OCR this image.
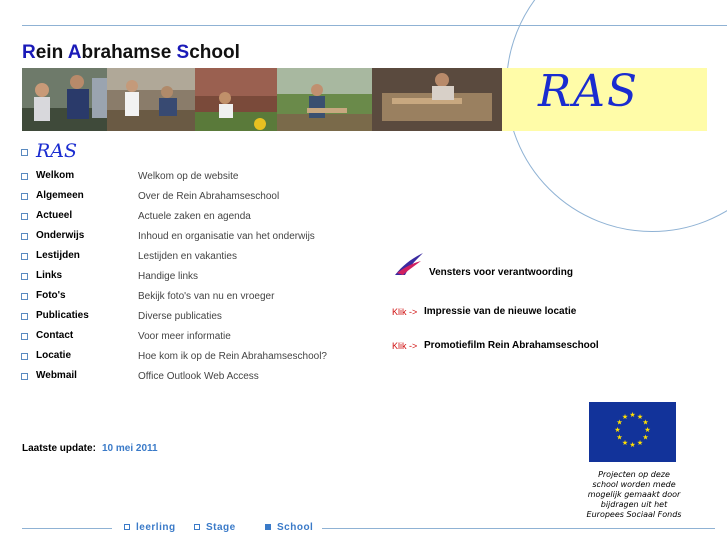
Rein Abrahamse School
RAS
RAS
Welkom	Welkom op de website
Algemeen	Over de Rein Abrahamseschool
Actueel	Actuele zaken en agenda
Onderwijs	Inhoud en organisatie van het onderwijs
Lestijden	Lestijden en vakanties
Links	Handige links
Foto's	Bekijk foto's van nu en vroeger
Publicaties	Diverse publicaties
Contact	Voor meer informatie
Locatie	Hoe kom ik op de Rein Abrahamseschool?
Webmail	Office Outlook Web Access
Vensters voor verantwoording
Klik -> Impressie van de nieuwe locatie
Klik -> Promotiefilm Rein Abrahamseschool
Laatste update: 10 mei 2011
★ ★
★
★
★
★
★
★
★
★
★
★
Projecten op deze
school worden mede
mogelijk gemaakt door
bijdragen uit het
Europees Sociaal Fonds
leerling	Stage	School
